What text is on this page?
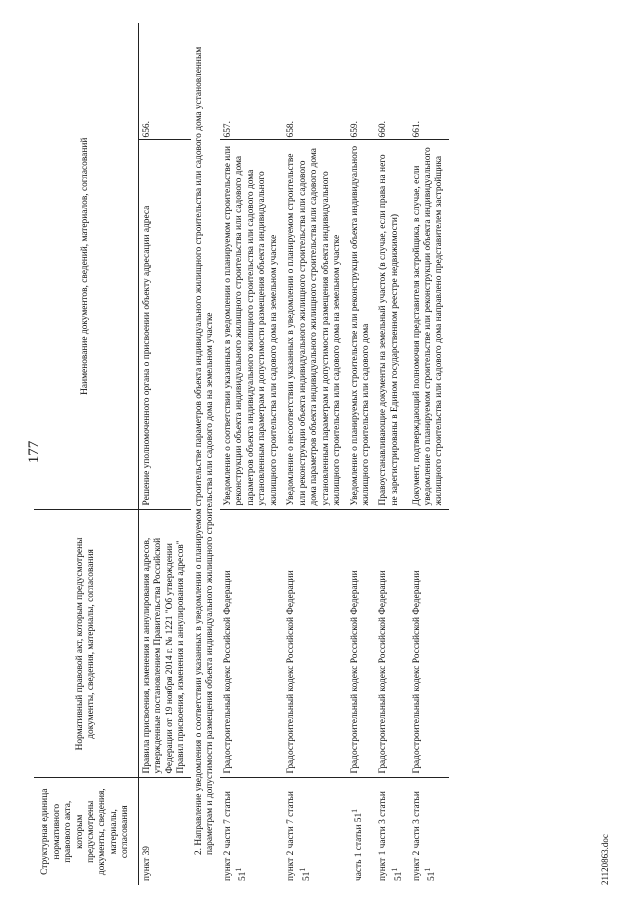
177
Структурная единица нормативного правового акта, которым предусмотрены документы, сведения, материалы, согласования	Нормативный правовой акт, которым предусмотрены документы, сведения, материалы, согласования	Наименование документов, сведений, материалов, согласований	
пункт 39	Правила присвоения, изменения и аннулирования адресов, утвержденные постановлением Правительства Российской Федерации от 19 ноября 2014 г. № 1221 "Об утверждении Правил присвоения, изменения и аннулирования адресов"	Решение уполномоченного органа о присвоении объекту адресации адреса	656.
2. Направление уведомления о соответствии указанных в уведомлении о планируемом строительстве параметров объекта индивидуального жилищного строительства или садового дома установленным параметрам и допустимости размещения объекта индивидуального жилищного строительства или садового дома на земельном участке			
пункт 2 части 7 статьи $51^1$	Градостроительный кодекс Российской Федерации	Уведомление о соответствии указанных в уведомлении о планируемом строительстве или реконструкции объекта индивидуального жилищного строительства или садового дома параметров объекта индивидуального жилищного строительства или садового дома установленным параметрам и допустимости размещения объекта индивидуального жилищного строительства или садового дома на земельном участке	657.
пункт 2 части 7 статьи $51^1$	Градостроительный кодекс Российской Федерации	Уведомление о несоответствии указанных в уведомлении о планируемом строительстве или реконструкции объекта индивидуального жилищного строительства или садового дома параметров объекта индивидуального жилищного строительства или садового дома установленным параметрам и допустимости размещения объекта индивидуального жилищного строительства или садового дома на земельном участке	658.
часть 1 статьи $51^1$	Градостроительный кодекс Российской Федерации	Уведомление о планируемых строительстве или реконструкции объекта индивидуального жилищного строительства или садового дома	659.
пункт 1 части 3 статьи $51^1$	Градостроительный кодекс Российской Федерации	Правоустанавливающие документы на земельный участок (в случае, если права на него не зарегистрированы в Едином государственном реестре недвижимости)	660.
пункт 2 части 3 статьи $51^1$	Градостроительный кодекс Российской Федерации	Документ, подтверждающий полномочия представителя застройщика, в случае, если уведомление о планируемом строительстве или реконструкции объекта индивидуального жилищного строительства или садового дома направлено представителем застройщика	661.
21120863.doc
